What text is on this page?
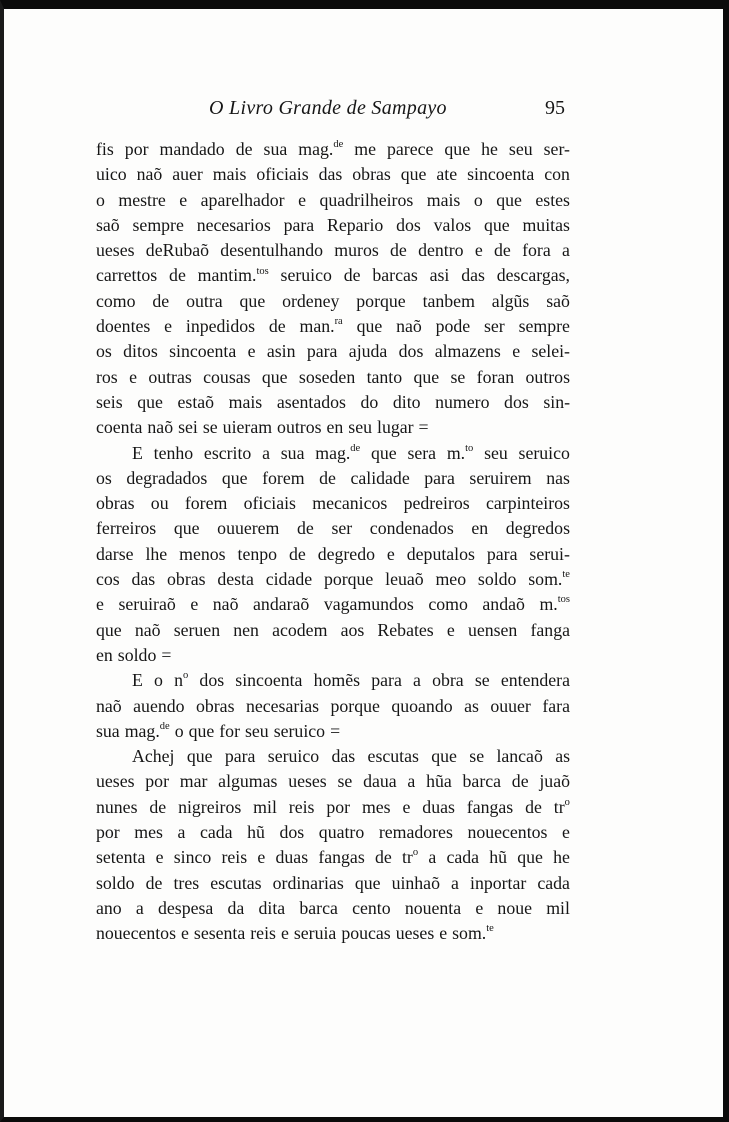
O Livro Grande de Sampayo	95
fis por mandado de sua mag.$^{de}$ me parece que he seu ser-
uico naõ auer mais oficiais das obras que ate sincoenta con
o mestre e aparelhador e quadrilheiros mais o que estes
saõ sempre necesarios para Repario dos valos que muitas
ueses deRubaõ desentulhando muros de dentro e de fora a
carrettos de mantim.$^{tos}$ seruico de barcas asi das descargas,
como de outra que ordeney porque tanbem algũs saõ
doentes e inpedidos de man.$^{ra}$ que naõ pode ser sempre
os ditos sincoenta e asin para ajuda dos almazens e selei-
ros e outras cousas que soseden tanto que se foran outros
seis que estaõ mais asentados do dito numero dos sin-
coenta naõ sei se uieram outros en seu lugar =
E tenho escrito a sua mag.$^{de}$ que sera m.$^{to}$ seu seruico
os degradados que forem de calidade para seruirem nas
obras ou forem oficiais mecanicos pedreiros carpinteiros
ferreiros que ouuerem de ser condenados en degredos
darse lhe menos tenpo de degredo e deputalos para serui-
cos das obras desta cidade porque leuaõ meo soldo som.$^{te}$
e seruiraõ e naõ andaraõ vagamundos como andaõ m.$^{tos}$
que naõ seruen nen acodem aos Rebates e uensen fanga
en soldo =
E o $n^o$ dos sincoenta homẽs para a obra se entendera
naõ auendo obras necesarias porque quoando as ouuer fara
sua mag.$^{de}$ o que for seu seruico =
Achej que para seruico das escutas que se lancaõ as
ueses por mar algumas ueses se daua a hũa barca de juaõ
nunes de nigreiros mil reis por mes e duas fangas de $tr^o$
por mes a cada hũ dos quatro remadores nouecentos e
setenta e sinco reis e duas fangas de $tr^o$ a cada hũ que he
soldo de tres escutas ordinarias que uinhaõ a inportar cada
ano a despesa da dita barca cento nouenta e noue mil
nouecentos e sesenta reis e seruia poucas ueses e som.$^{te}$
